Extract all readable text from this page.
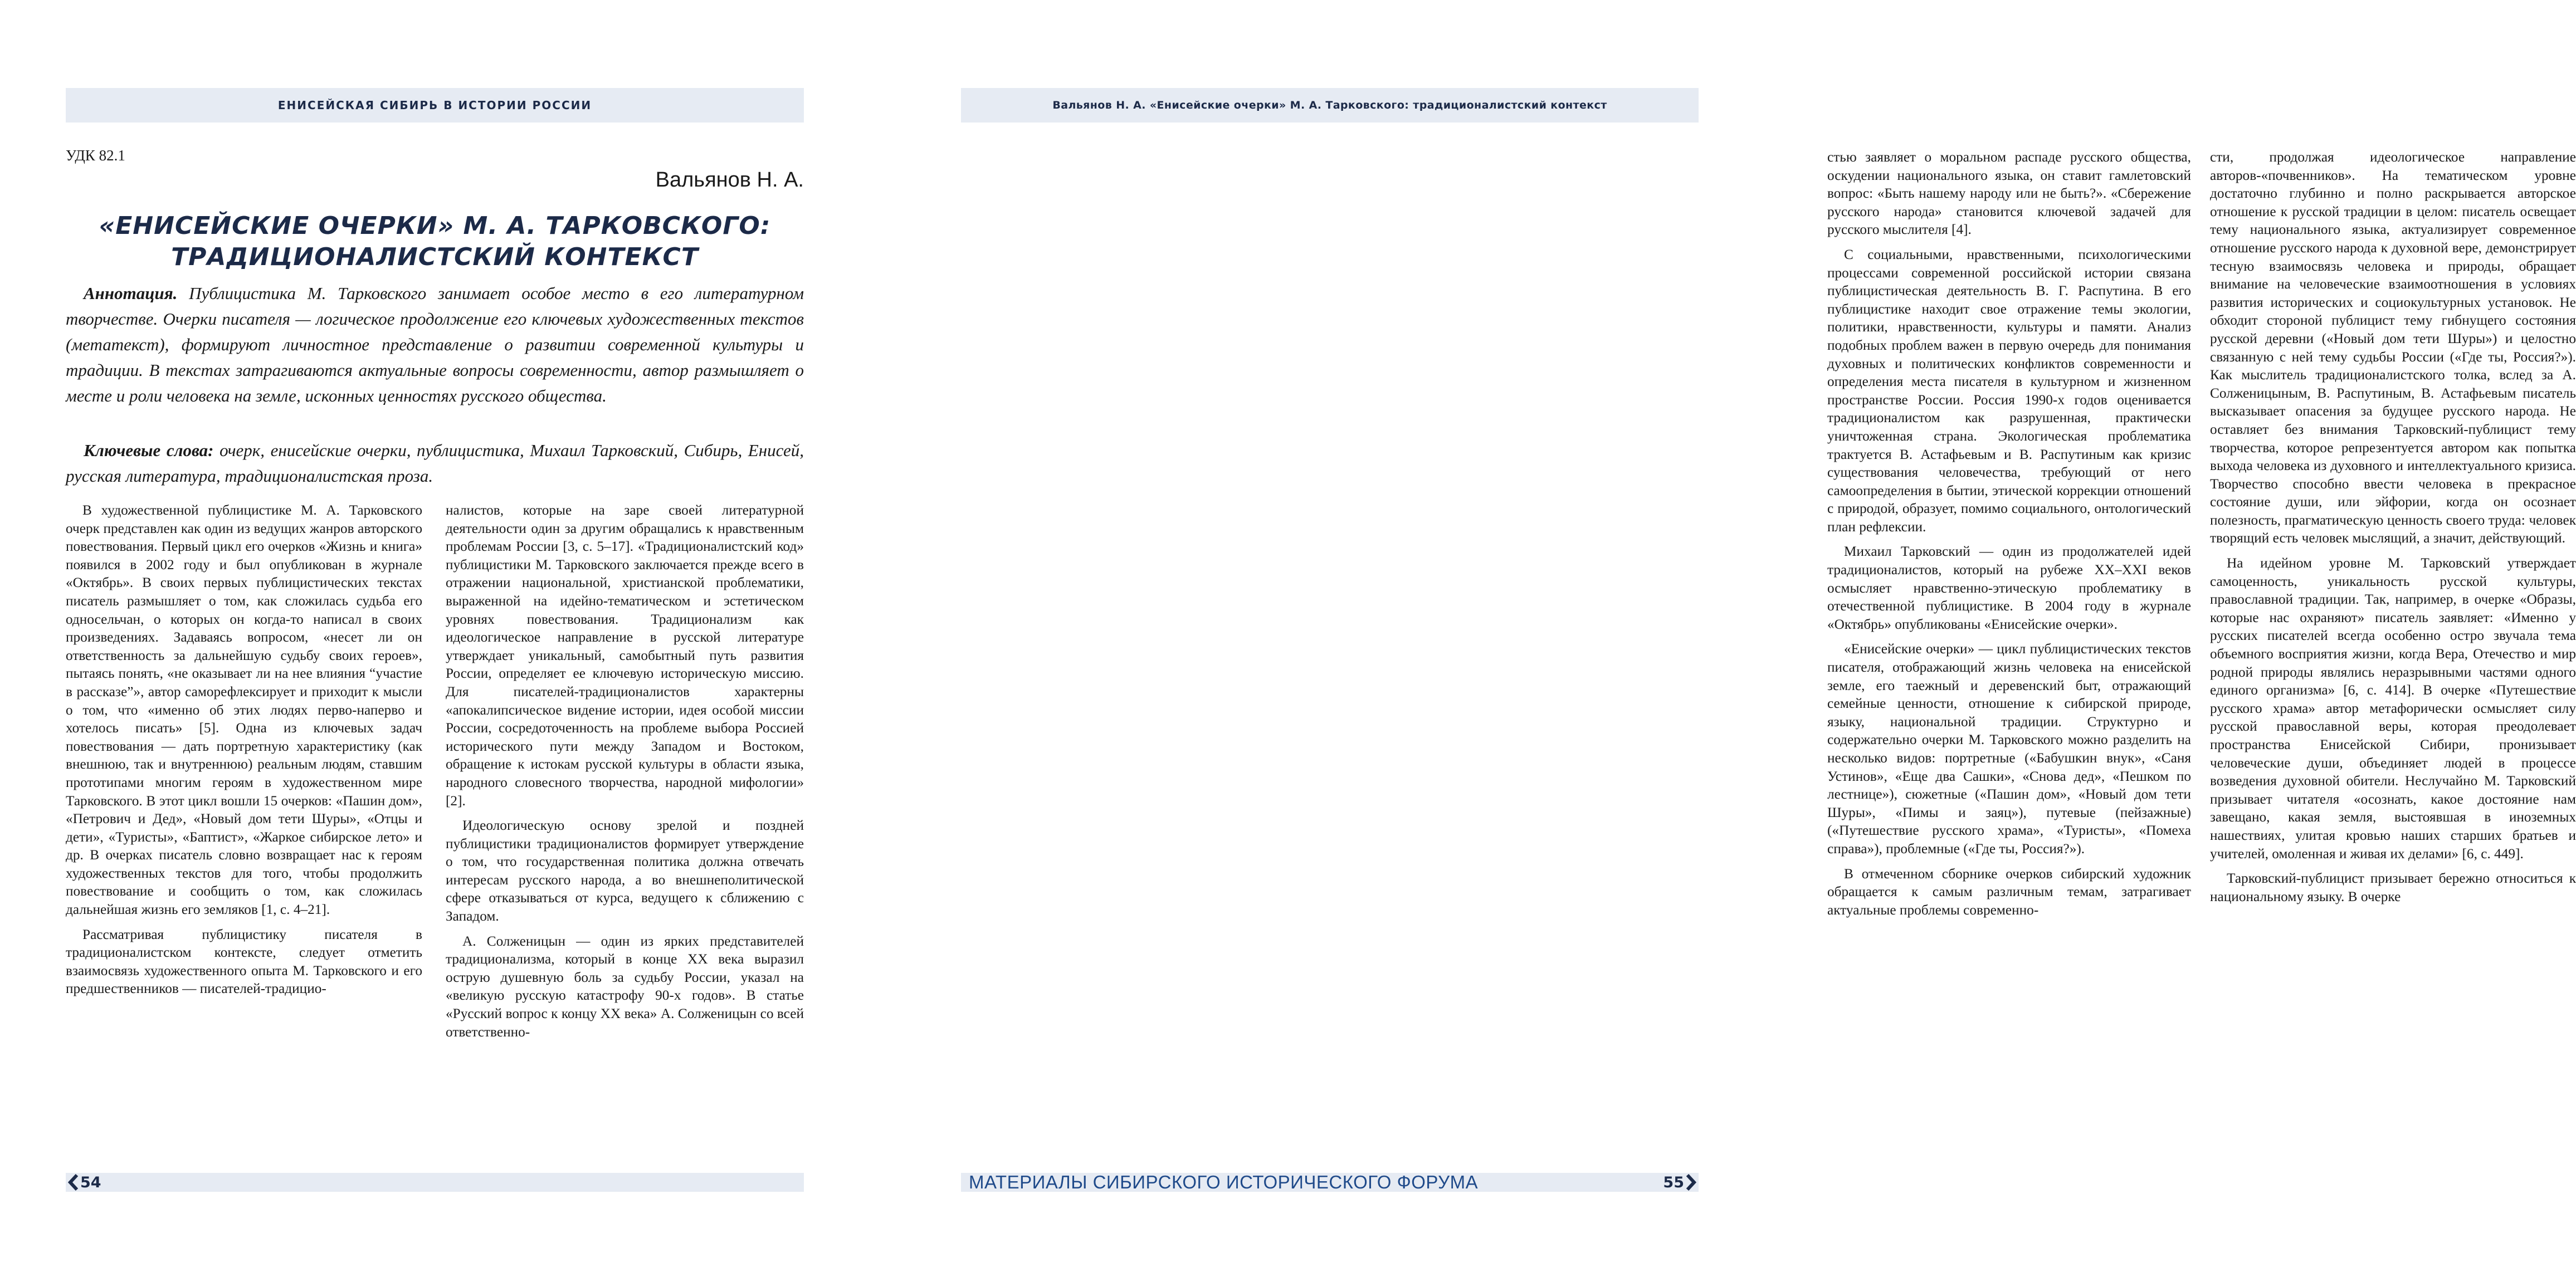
ЕНИСЕЙСКАЯ СИБИРЬ В ИСТОРИИ РОССИИ
УДК 82.1
Вальянов Н. А.
«ЕНИСЕЙСКИЕ ОЧЕРКИ» М. А. ТАРКОВСКОГО:
ТРАДИЦИОНАЛИСТСКИЙ КОНТЕКСТ

Аннотация. Публицистика М. Тарковского занимает особое место в его литературном творчестве. Очерки писателя — логическое продолжение его ключевых художественных текстов (метатекст), формируют личностное представление о развитии современной культуры и традиции. В текстах затрагиваются актуальные вопросы современности, автор размышляет о месте и роли человека на земле, исконных ценностях русского общества.

Ключевые слова: очерк, енисейские очерки, публицистика, Михаил Тарковский, Сибирь, Енисей, русская литература, традиционалистская проза.

В художественной публицистике М. А. Тарковского очерк представлен как один из ведущих жанров авторского повествования. Первый цикл его очерков «Жизнь и книга» появился в 2002 году и был опубликован в журнале «Октябрь». В своих первых публицистических текстах писатель размышляет о том, как сложилась судьба его односельчан, о которых он когда-то написал в своих произведениях. Задаваясь вопросом, «несет ли он ответственность за дальнейшую судьбу своих героев», пытаясь понять, «не оказывает ли на нее влияния “участие в рассказе”», автор саморефлексирует и приходит к мысли о том, что «именно об этих людях перво-наперво и хотелось писать» [5]. Одна из ключевых задач повествования — дать портретную характеристику (как внешнюю, так и внутреннюю) реальным людям, ставшим прототипами многим героям в художественном мире Тарковского. В этот цикл вошли 15 очерков: «Пашин дом», «Петрович и Дед», «Новый дом тети Шуры», «Отцы и дети», «Туристы», «Баптист», «Жаркое сибирское лето» и др. В очерках писатель словно возвращает нас к героям художественных текстов для того, чтобы продолжить повествование и сообщить о том, как сложилась дальнейшая жизнь его земляков [1, с. 4–21].

Рассматривая публицистику писателя в традиционалистском контексте, следует отметить взаимосвязь художественного опыта М. Тарковского и его предшественников — писателей-традицио-

налистов, которые на заре своей литературной деятельности один за другим обращались к нравственным проблемам России [3, с. 5–17]. «Традиционалистский код» публицистики М. Тарковского заключается прежде всего в отражении национальной, христианской проблематики, выраженной на идейно-тематическом и эстетическом уровнях повествования. Традиционализм как идеологическое направление в русской литературе утверждает уникальный, самобытный путь развития России, определяет ее ключевую историческую миссию. Для писателей-традиционалистов характерны «апокалипсическое видение истории, идея особой миссии России, сосредоточенность на проблеме выбора Россией исторического пути между Западом и Востоком, обращение к истокам русской культуры в области языка, народного словесного творчества, народной мифологии» [2].

Идеологическую основу зрелой и поздней публицистики традиционалистов формирует утверждение о том, что государственная политика должна отвечать интересам русского народа, а во внешнеполитической сфере отказываться от курса, ведущего к сближению с Западом.

А. Солженицын — один из ярких представителей традиционализма, который в конце XX века выразил острую душевную боль за судьбу России, указал на «великую русскую катастрофу 90-х годов». В статье «Русский вопрос к концу XX века» А. Солженицын со всей ответственно-

54
Вальянов Н. А. «Енисейские очерки» М. А. Тарковского: традиционалистский контекст

стью заявляет о моральном распаде русского общества, оскудении национального языка, он ставит гамлетовский вопрос: «Быть нашему народу или не быть?». «Сбережение русского народа» становится ключевой задачей для русского мыслителя [4].

С социальными, нравственными, психологическими процессами современной российской истории связана публицистическая деятельность В. Г. Распутина. В его публицистике находит свое отражение темы экологии, политики, нравственности, культуры и памяти. Анализ подобных проблем важен в первую очередь для понимания духовных и политических конфликтов современности и определения места писателя в культурном и жизненном пространстве России. Россия 1990-х годов оценивается традиционалистом как разрушенная, практически уничтоженная страна. Экологическая проблематика трактуется В. Астафьевым и В. Распутиным как кризис существования человечества, требующий от него самоопределения в бытии, этической коррекции отношений с природой, образует, помимо социального, онтологический план рефлексии.

Михаил Тарковский — один из продолжателей идей традиционалистов, который на рубеже XX–XXI веков осмысляет нравственно-этическую проблематику в отечественной публицистике. В 2004 году в журнале «Октябрь» опубликованы «Енисейские очерки».

«Енисейские очерки» — цикл публицистических текстов писателя, отображающий жизнь человека на енисейской земле, его таежный и деревенский быт, отражающий семейные ценности, отношение к сибирской природе, языку, национальной традиции. Структурно и содержательно очерки М. Тарковского можно разделить на несколько видов: портретные («Бабушкин внук», «Саня Устинов», «Еще два Сашки», «Снова дед», «Пешком по лестнице»), сюжетные («Пашин дом», «Новый дом тети Шуры», «Пимы и заяц»), путевые (пейзажные) («Путешествие русского храма», «Туристы», «Помеха справа»), проблемные («Где ты, Россия?»).

В отмеченном сборнике очерков сибирский художник обращается к самым различным темам, затрагивает актуальные проблемы современно-

сти, продолжая идеологическое направление авторов-«почвенников». На тематическом уровне достаточно глубинно и полно раскрывается авторское отношение к русской традиции в целом: писатель освещает тему национального языка, актуализирует современное отношение русского народа к духовной вере, демонстрирует тесную взаимосвязь человека и природы, обращает внимание на человеческие взаимоотношения в условиях развития исторических и социокультурных установок. Не обходит стороной публицист тему гибнущего состояния русской деревни («Новый дом тети Шуры») и целостно связанную с ней тему судьбы России («Где ты, Россия?»). Как мыслитель традиционалистского толка, вслед за А. Солженицыным, В. Распутиным, В. Астафьевым писатель высказывает опасения за будущее русского народа. Не оставляет без внимания Тарковский-публицист тему творчества, которое репрезентуется автором как попытка выхода человека из духовного и интеллектуального кризиса. Творчество способно ввести человека в прекрасное состояние души, или эйфории, когда он осознает полезность, прагматическую ценность своего труда: человек творящий есть человек мыслящий, а значит, действующий.

На идейном уровне М. Тарковский утверждает самоценность, уникальность русской культуры, православной традиции. Так, например, в очерке «Образы, которые нас охраняют» писатель заявляет: «Именно у русских писателей всегда особенно остро звучала тема объемного восприятия жизни, когда Вера, Отечество и мир родной природы являлись неразрывными частями одного единого организма» [6, с. 414]. В очерке «Путешествие русского храма» автор метафорически осмысляет силу русской православной веры, которая преодолевает пространства Енисейской Сибири, пронизывает человеческие души, объединяет людей в процессе возведения духовной обители. Неслучайно М. Тарковский призывает читателя «осознать, какое достояние нам завещано, какая земля, выстоявшая в иноземных нашествиях, улитая кровью наших старших братьев и учителей, омоленная и живая их делами» [6, с. 449].

Тарковский-публицист призывает бережно относиться к национальному языку. В очерке

МАТЕРИАЛЫ СИБИРСКОГО ИСТОРИЧЕСКОГО ФОРУМА	55
